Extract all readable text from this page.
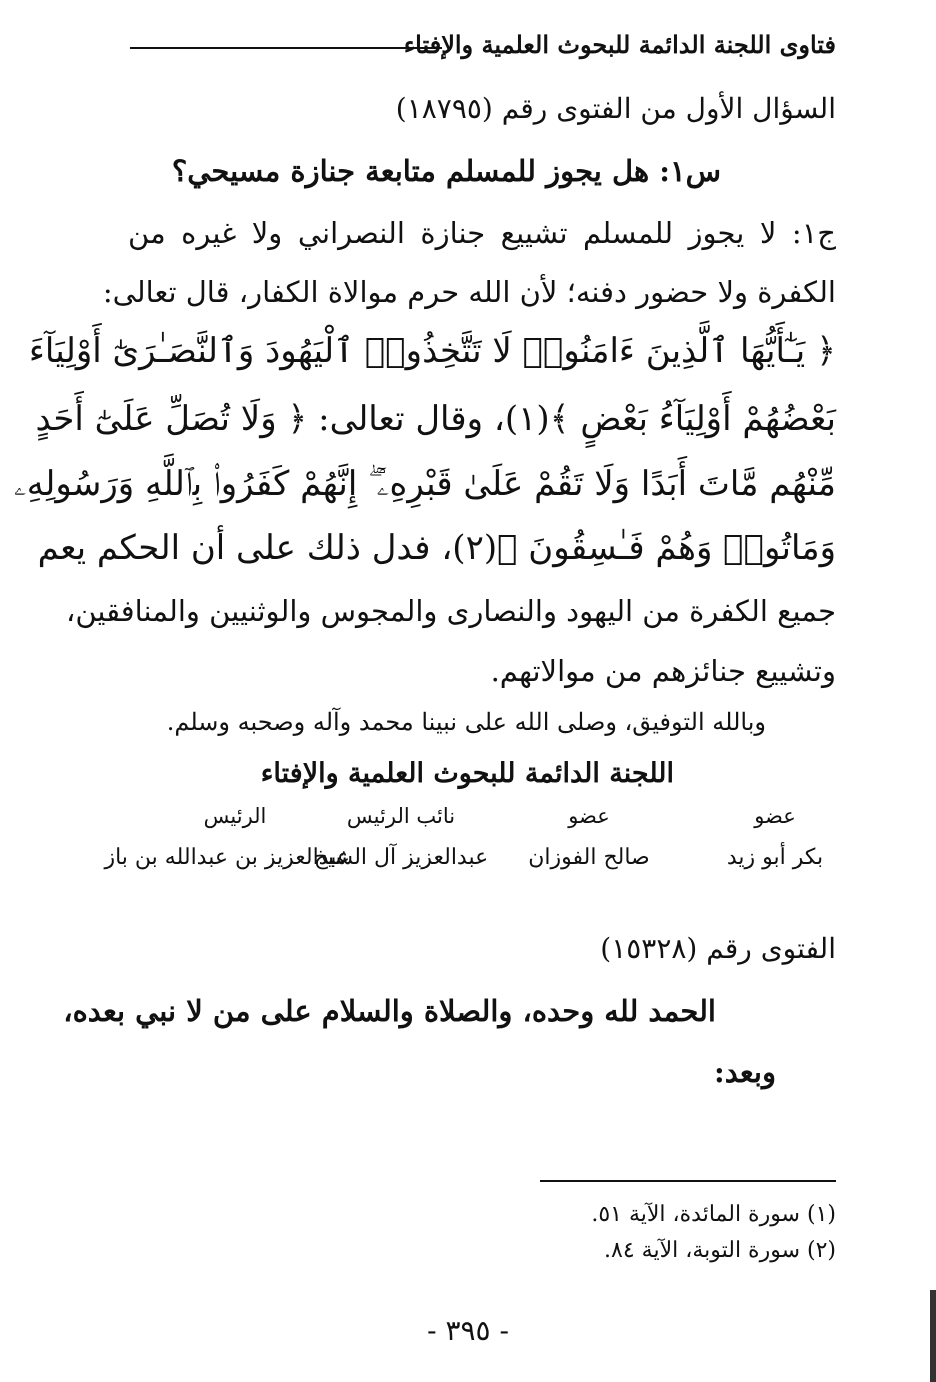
فتاوى اللجنة الدائمة للبحوث العلمية والإفتاء
السؤال الأول من الفتوى رقم (١٨٧٩٥)
س١: هل يجوز للمسلم متابعة جنازة مسيحي؟
ج١: لا يجوز للمسلم تشييع جنازة النصراني ولا غيره من
الكفرة ولا حضور دفنه؛ لأن الله حرم موالاة الكفار، قال تعالى:
﴿ يَـٰٓأَيُّهَا ٱلَّذِينَ ءَامَنُوا۟ لَا تَتَّخِذُوا۟ ٱلْيَهُودَ وَٱلنَّصَـٰرَىٰٓ أَوْلِيَآءَ
بَعْضُهُمْ أَوْلِيَآءُ بَعْضٍ ﴾(١)، وقال تعالى: ﴿ وَلَا تُصَلِّ عَلَىٰٓ أَحَدٍ
مِّنْهُم مَّاتَ أَبَدًا وَلَا تَقُمْ عَلَىٰ قَبْرِهِۦٓ ۖ إِنَّهُمْ كَفَرُوا۟ بِٱللَّهِ وَرَسُولِهِۦ
وَمَاتُوا۟ وَهُمْ فَـٰسِقُونَ ﴾(٢)، فدل ذلك على أن الحكم يعم
جميع الكفرة من اليهود والنصارى والمجوس والوثنيين والمنافقين،
وتشييع جنائزهم من موالاتهم.
وبالله التوفيق، وصلى الله على نبينا محمد وآله وصحبه وسلم.
اللجنة الدائمة للبحوث العلمية والإفتاء
عضو
عضو
نائب الرئيس
الرئيس
بكر أبو زيد
صالح الفوزان
عبدالعزيز آل الشيخ
عبدالعزيز بن عبدالله بن باز
الفتوى رقم (١٥٣٢٨)
الحمد لله وحده، والصلاة والسلام على من لا نبي بعده،
وبعد:
(١) سورة المائدة، الآية ٥١.
(٢) سورة التوبة، الآية ٨٤.
- ٣٩٥ -
